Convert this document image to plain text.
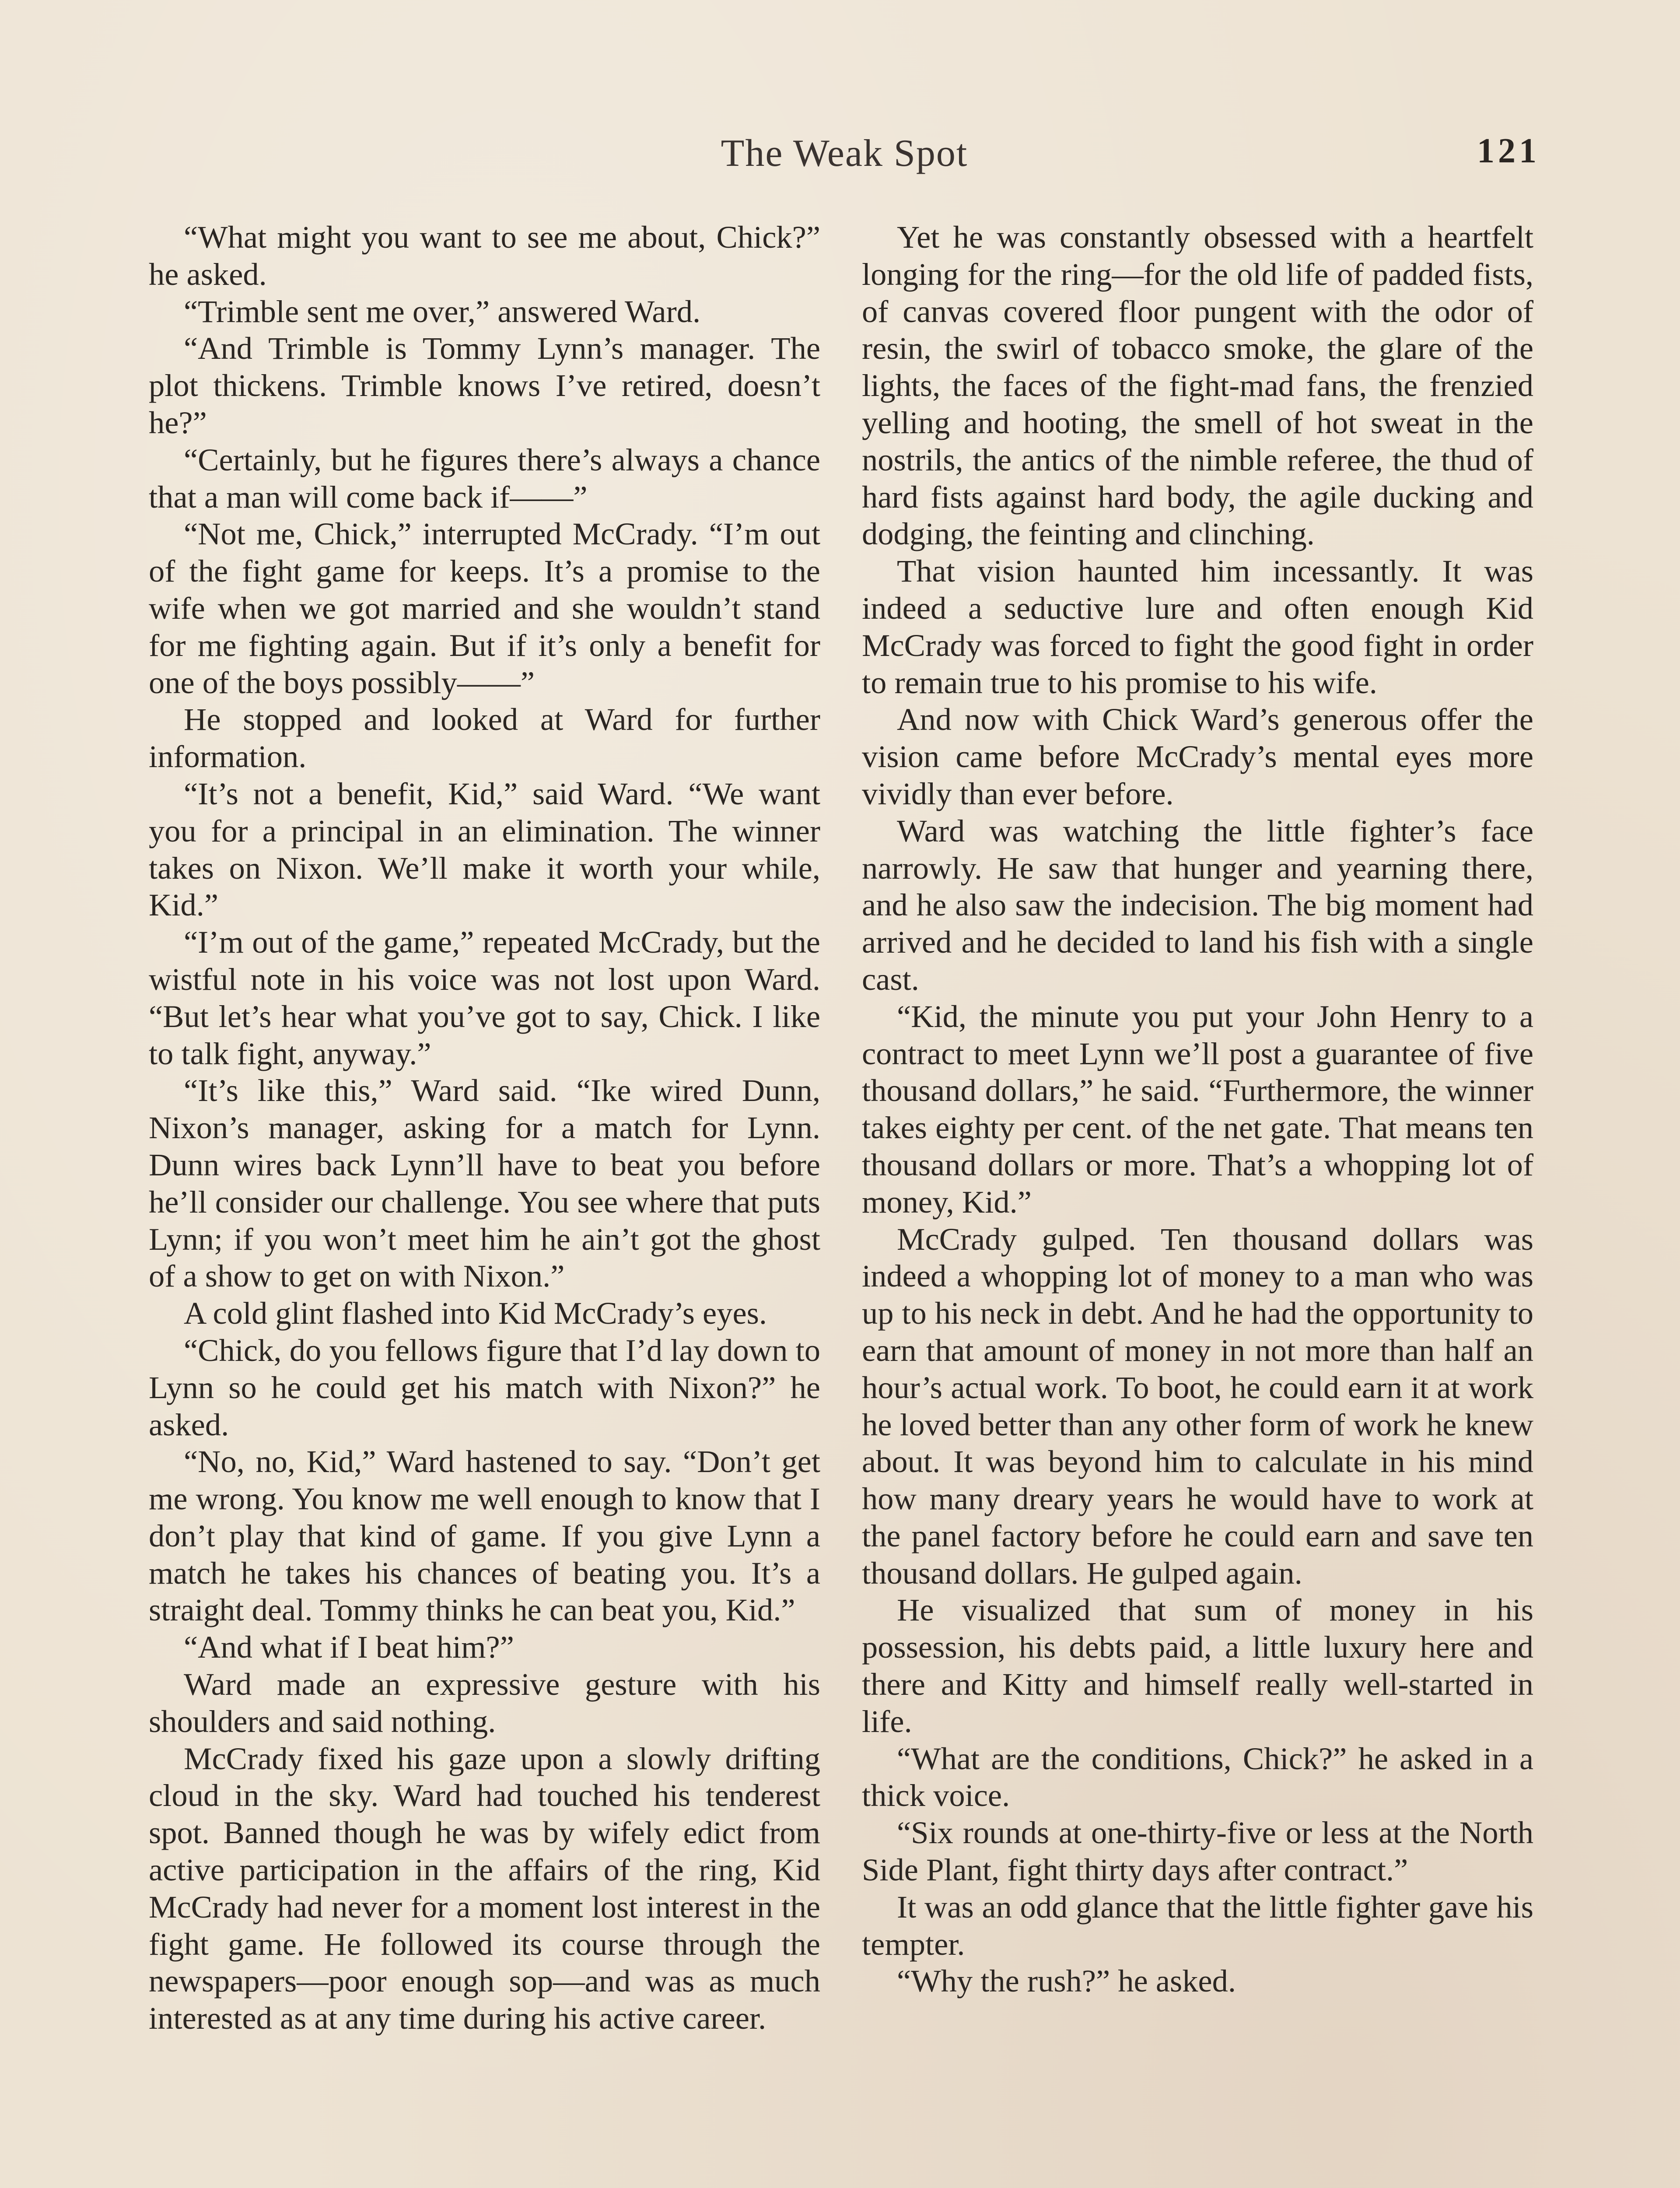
The Weak Spot	121

“What might you want to see me about, Chick?” he asked.

“Trimble sent me over,” answered Ward.

“And Trimble is Tommy Lynn’s manager. The plot thickens. Trimble knows I’ve retired, doesn’t he?”

“Certainly, but he figures there’s always a chance that a man will come back if——”

“Not me, Chick,” interrupted McCrady. “I’m out of the fight game for keeps. It’s a promise to the wife when we got married and she wouldn’t stand for me fighting again. But if it’s only a benefit for one of the boys possibly——”

He stopped and looked at Ward for further information.

“It’s not a benefit, Kid,” said Ward. “We want you for a principal in an elimination. The winner takes on Nixon. We’ll make it worth your while, Kid.”

“I’m out of the game,” repeated McCrady, but the wistful note in his voice was not lost upon Ward. “But let’s hear what you’ve got to say, Chick. I like to talk fight, anyway.”

“It’s like this,” Ward said. “Ike wired Dunn, Nixon’s manager, asking for a match for Lynn. Dunn wires back Lynn’ll have to beat you before he’ll consider our challenge. You see where that puts Lynn; if you won’t meet him he ain’t got the ghost of a show to get on with Nixon.”

A cold glint flashed into Kid McCrady’s eyes.

“Chick, do you fellows figure that I’d lay down to Lynn so he could get his match with Nixon?” he asked.

“No, no, Kid,” Ward hastened to say. “Don’t get me wrong. You know me well enough to know that I don’t play that kind of game. If you give Lynn a match he takes his chances of beating you. It’s a straight deal. Tommy thinks he can beat you, Kid.”

“And what if I beat him?”

Ward made an expressive gesture with his shoulders and said nothing.

McCrady fixed his gaze upon a slowly drifting cloud in the sky. Ward had touched his tenderest spot. Banned though he was by wifely edict from active participation in the affairs of the ring, Kid McCrady had never for a moment lost interest in the fight game. He followed its course through the newspapers—poor enough sop—and was as much interested as at any time during his active career.

Yet he was constantly obsessed with a heartfelt longing for the ring—for the old life of padded fists, of canvas covered floor pungent with the odor of resin, the swirl of tobacco smoke, the glare of the lights, the faces of the fight-mad fans, the frenzied yelling and hooting, the smell of hot sweat in the nostrils, the antics of the nimble referee, the thud of hard fists against hard body, the agile ducking and dodging, the feinting and clinching.

That vision haunted him incessantly. It was indeed a seductive lure and often enough Kid McCrady was forced to fight the good fight in order to remain true to his promise to his wife.

And now with Chick Ward’s generous offer the vision came before McCrady’s mental eyes more vividly than ever before.

Ward was watching the little fighter’s face narrowly. He saw that hunger and yearning there, and he also saw the indecision. The big moment had arrived and he decided to land his fish with a single cast.

“Kid, the minute you put your John Henry to a contract to meet Lynn we’ll post a guarantee of five thousand dollars,” he said. “Furthermore, the winner takes eighty per cent. of the net gate. That means ten thousand dollars or more. That’s a whopping lot of money, Kid.”

McCrady gulped. Ten thousand dollars was indeed a whopping lot of money to a man who was up to his neck in debt. And he had the opportunity to earn that amount of money in not more than half an hour’s actual work. To boot, he could earn it at work he loved better than any other form of work he knew about. It was beyond him to calculate in his mind how many dreary years he would have to work at the panel factory before he could earn and save ten thousand dollars. He gulped again.

He visualized that sum of money in his possession, his debts paid, a little luxury here and there and Kitty and himself really well-started in life.

“What are the conditions, Chick?” he asked in a thick voice.

“Six rounds at one-thirty-five or less at the North Side Plant, fight thirty days after contract.”

It was an odd glance that the little fighter gave his tempter.

“Why the rush?” he asked.
